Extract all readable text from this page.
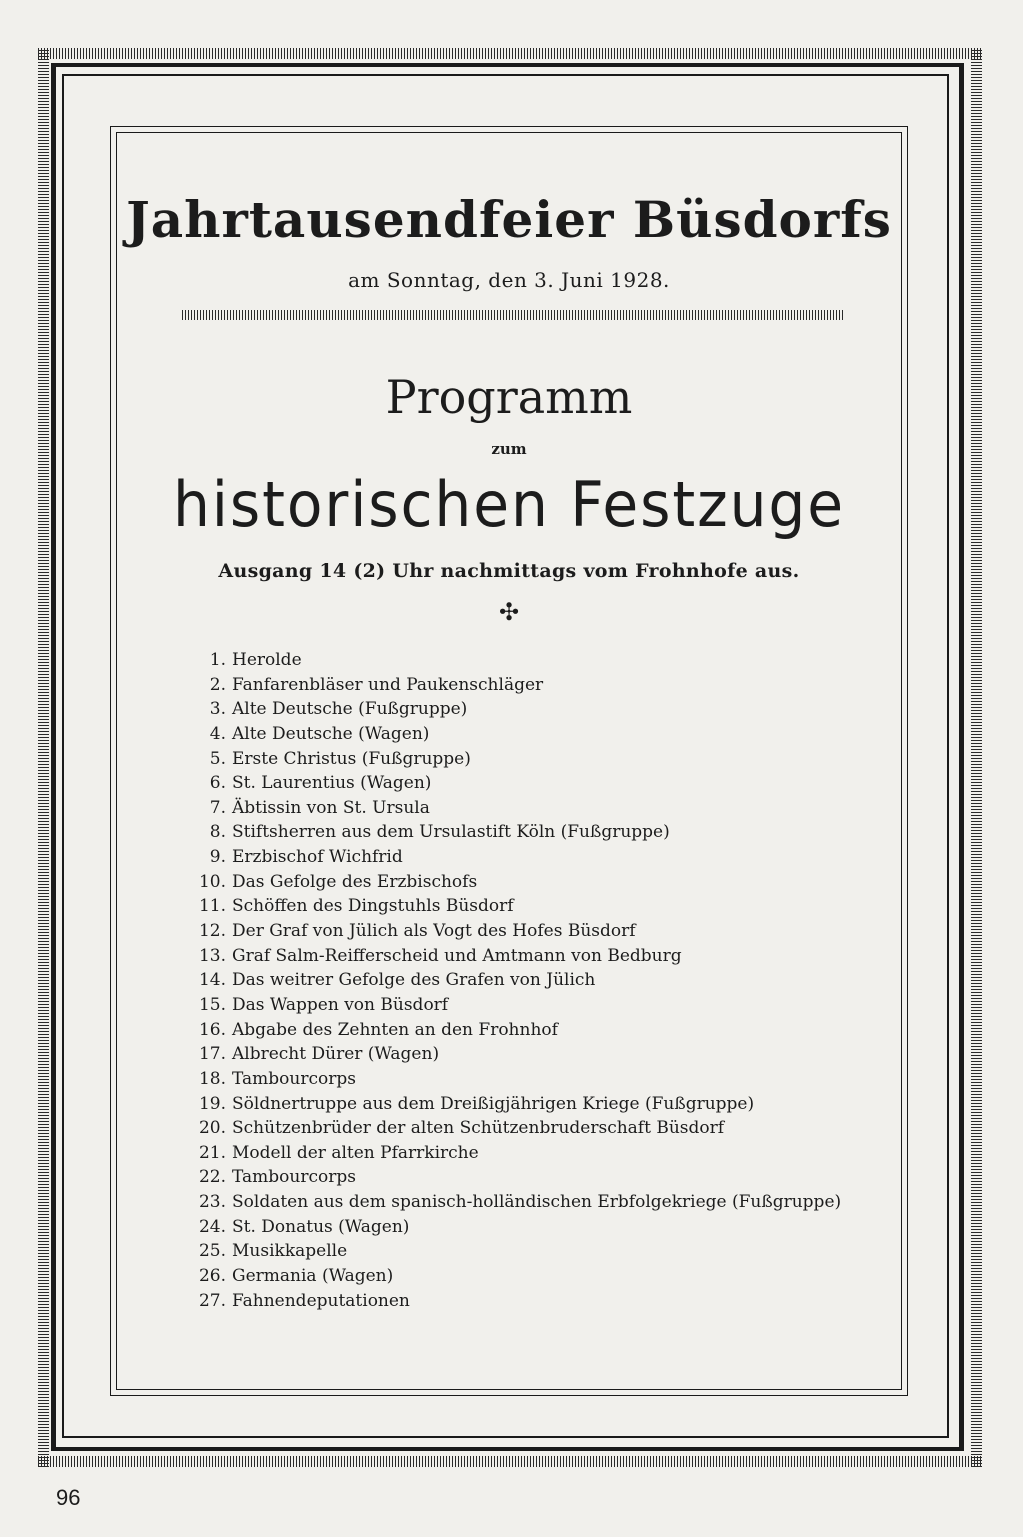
Jahrtausendfeier Büsdorfs
am Sonntag, den 3. Juni 1928.
Programm
zum
historischen Festzuge
Ausgang 14 (2) Uhr nachmittags vom Frohnhofe aus.
✣
1. Herolde
2. Fanfarenbläser und Paukenschläger
3. Alte Deutsche (Fußgruppe)
4. Alte Deutsche (Wagen)
5. Erste Christus (Fußgruppe)
6. St. Laurentius (Wagen)
7. Äbtissin von St. Ursula
8. Stiftsherren aus dem Ursulastift Köln (Fußgruppe)
9. Erzbischof Wichfrid
10. Das Gefolge des Erzbischofs
11. Schöffen des Dingstuhls Büsdorf
12. Der Graf von Jülich als Vogt des Hofes Büsdorf
13. Graf Salm-Reifferscheid und Amtmann von Bedburg
14. Das weitrer Gefolge des Grafen von Jülich
15. Das Wappen von Büsdorf
16. Abgabe des Zehnten an den Frohnhof
17. Albrecht Dürer (Wagen)
18. Tambourcorps
19. Söldnertruppe aus dem Dreißigjährigen Kriege (Fußgruppe)
20. Schützenbrüder der alten Schützenbruderschaft Büsdorf
21. Modell der alten Pfarrkirche
22. Tambourcorps
23. Soldaten aus dem spanisch-holländischen Erbfolgekriege (Fußgruppe)
24. St. Donatus (Wagen)
25. Musikkapelle
26. Germania (Wagen)
27. Fahnendeputationen
96
